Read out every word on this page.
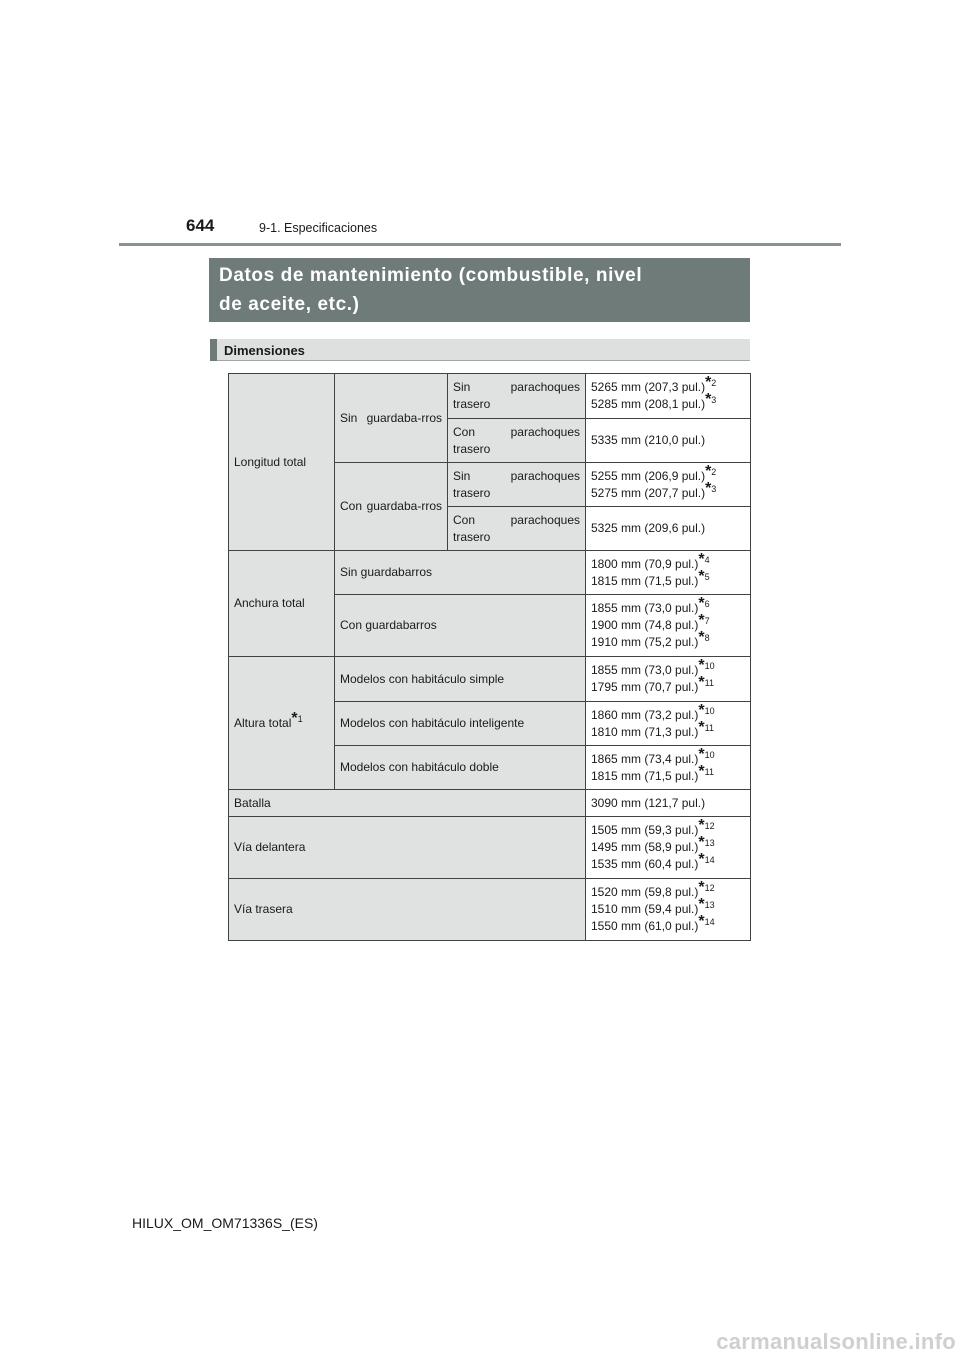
644	9-1. Especificaciones
Datos de mantenimiento (combustible, nivel
de aceite, etc.)
Dimensiones
Longitud total	Sin guardaba-rros	Sin parachoques trasero	5265 mm (207,3 pul.)*$^2$
5285 mm (208,1 pul.)*$^3$

		Con parachoques trasero	5335 mm (210,0 pul.)

	Con guardaba-rros	Sin parachoques trasero	5255 mm (206,9 pul.)*$^2$
5275 mm (207,7 pul.)*$^3$

		Con parachoques trasero	5325 mm (209,6 pul.)
Anchura total	Sin guardabarros		1800 mm (70,9 pul.)*$^4$
1815 mm (71,5 pul.)*$^5$

	Con guardabarros		1855 mm (73,0 pul.)*$^6$
1900 mm (74,8 pul.)*$^7$
1910 mm (75,2 pul.)*$^8$

Altura total*$^1$	Modelos con habitáculo simple		1855 mm (73,0 pul.)*$^{10}$
1795 mm (70,7 pul.)*$^{11}$

	Modelos con habitáculo inteligente		1860 mm (73,2 pul.)*$^{10}$
1810 mm (71,3 pul.)*$^{11}$

	Modelos con habitáculo doble		1865 mm (73,4 pul.)*$^{10}$
1815 mm (71,5 pul.)*$^{11}$

Batalla			3090 mm (121,7 pul.)
Vía delantera			1505 mm (59,3 pul.)*$^{12}$
1495 mm (58,9 pul.)*$^{13}$
1535 mm (60,4 pul.)*$^{14}$

Vía trasera			1520 mm (59,8 pul.)*$^{12}$
1510 mm (59,4 pul.)*$^{13}$
1550 mm (61,0 pul.)*$^{14}$
HILUX_OM_OM71336S_(ES)
carmanualsonline.info
